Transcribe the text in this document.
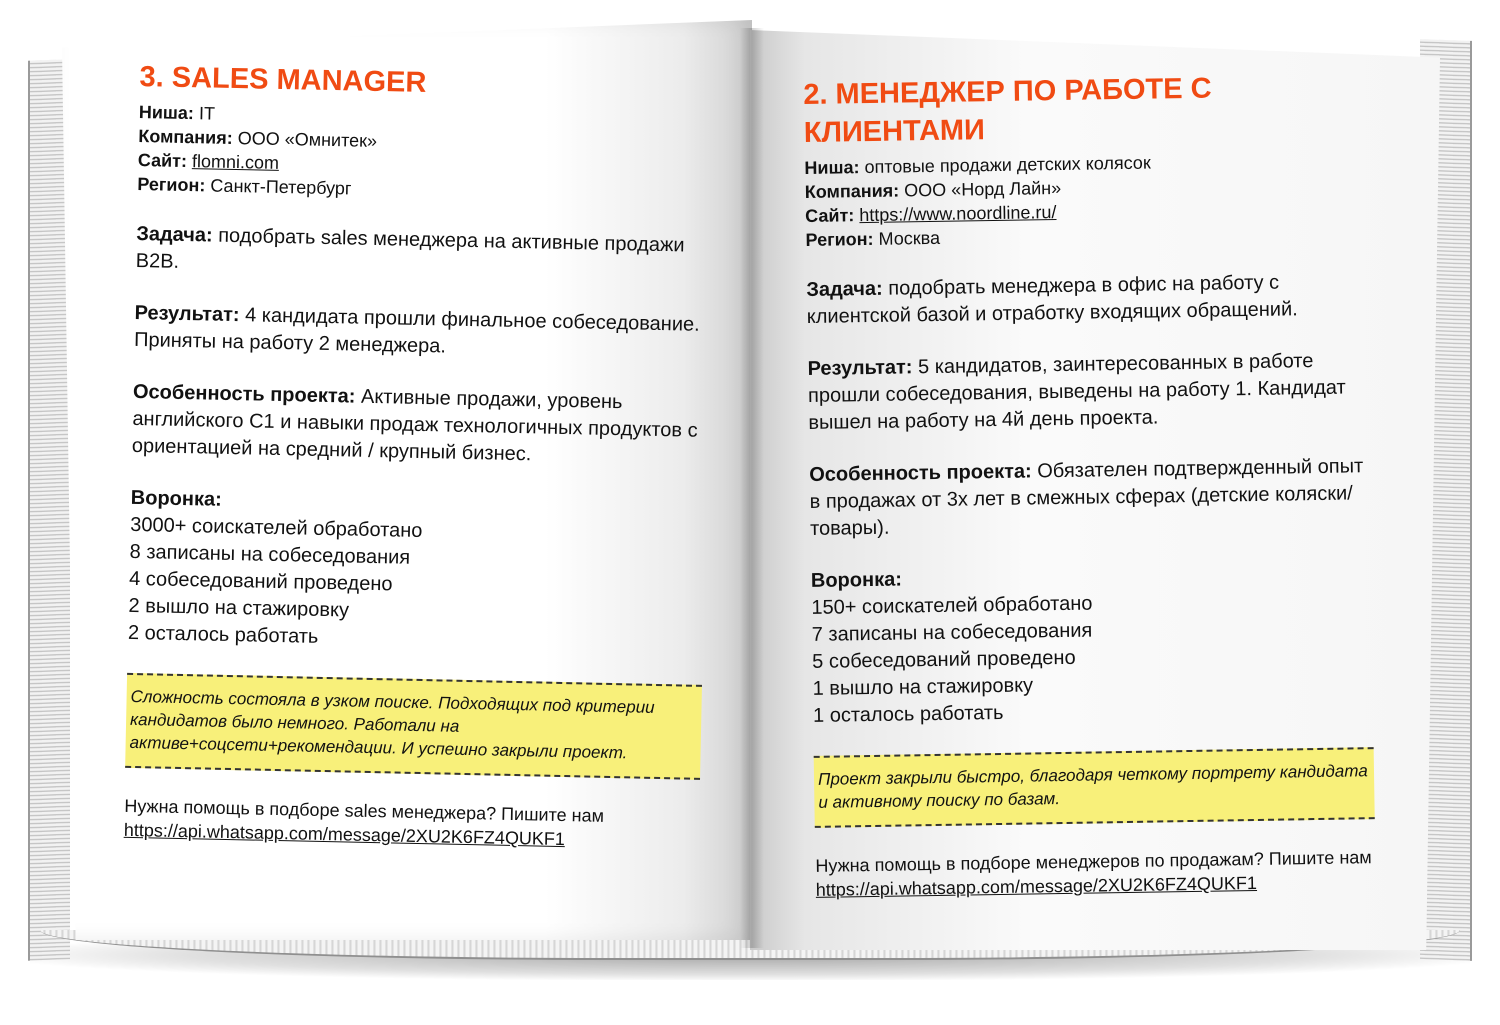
3. SALES MANAGER
Ниша: IT
Компания: ООО «Омнитек»
Сайт: flomni.com
Регион: Санкт-Петербург
Задача: подобрать sales менеджера на активные продажи B2B.
Результат: 4 кандидата прошли финальное собеседование. Приняты на работу 2 менеджера.
Особенность проекта: Активные продажи, уровень английского С1 и навыки продаж технологичных продуктов с ориентацией на средний / крупный бизнес.
Воронка:
3000+ соискателей обработано
8 записаны на собеседования
4 собеседований проведено
2 вышло на стажировку
2 осталось работать
Сложность состояла в узком поиске. Подходящих под критерии кандидатов было немного. Работали на активе+соцсети+рекомендации. И успешно закрыли проект.
Нужна помощь в подборе sales менеджера? Пишите нам
https://api.whatsapp.com/message/2XU2K6FZ4QUKF1
2. МЕНЕДЖЕР ПО РАБОТЕ С КЛИЕНТАМИ
Ниша: оптовые продажи детских колясок
Компания: ООО «Норд Лайн»
Сайт: https://www.noordline.ru/
Регион: Москва
Задача: подобрать менеджера в офис на работу с клиентской базой и отработку входящих обращений.
Результат: 5 кандидатов, заинтересованных в работе прошли собеседования, выведены на работу 1. Кандидат вышел на работу на 4й день проекта.
Особенность проекта: Обязателен подтвержденный опыт в продажах от 3х лет в смежных сферах (детские коляски/товары).
Воронка:
150+ соискателей обработано
7 записаны на собеседования
5 собеседований проведено
1 вышло на стажировку
1 осталось работать
Проект закрыли быстро, благодаря четкому портрету кандидата и активному поиску по базам.
Нужна помощь в подборе менеджеров по продажам? Пишите нам
https://api.whatsapp.com/message/2XU2K6FZ4QUKF1
